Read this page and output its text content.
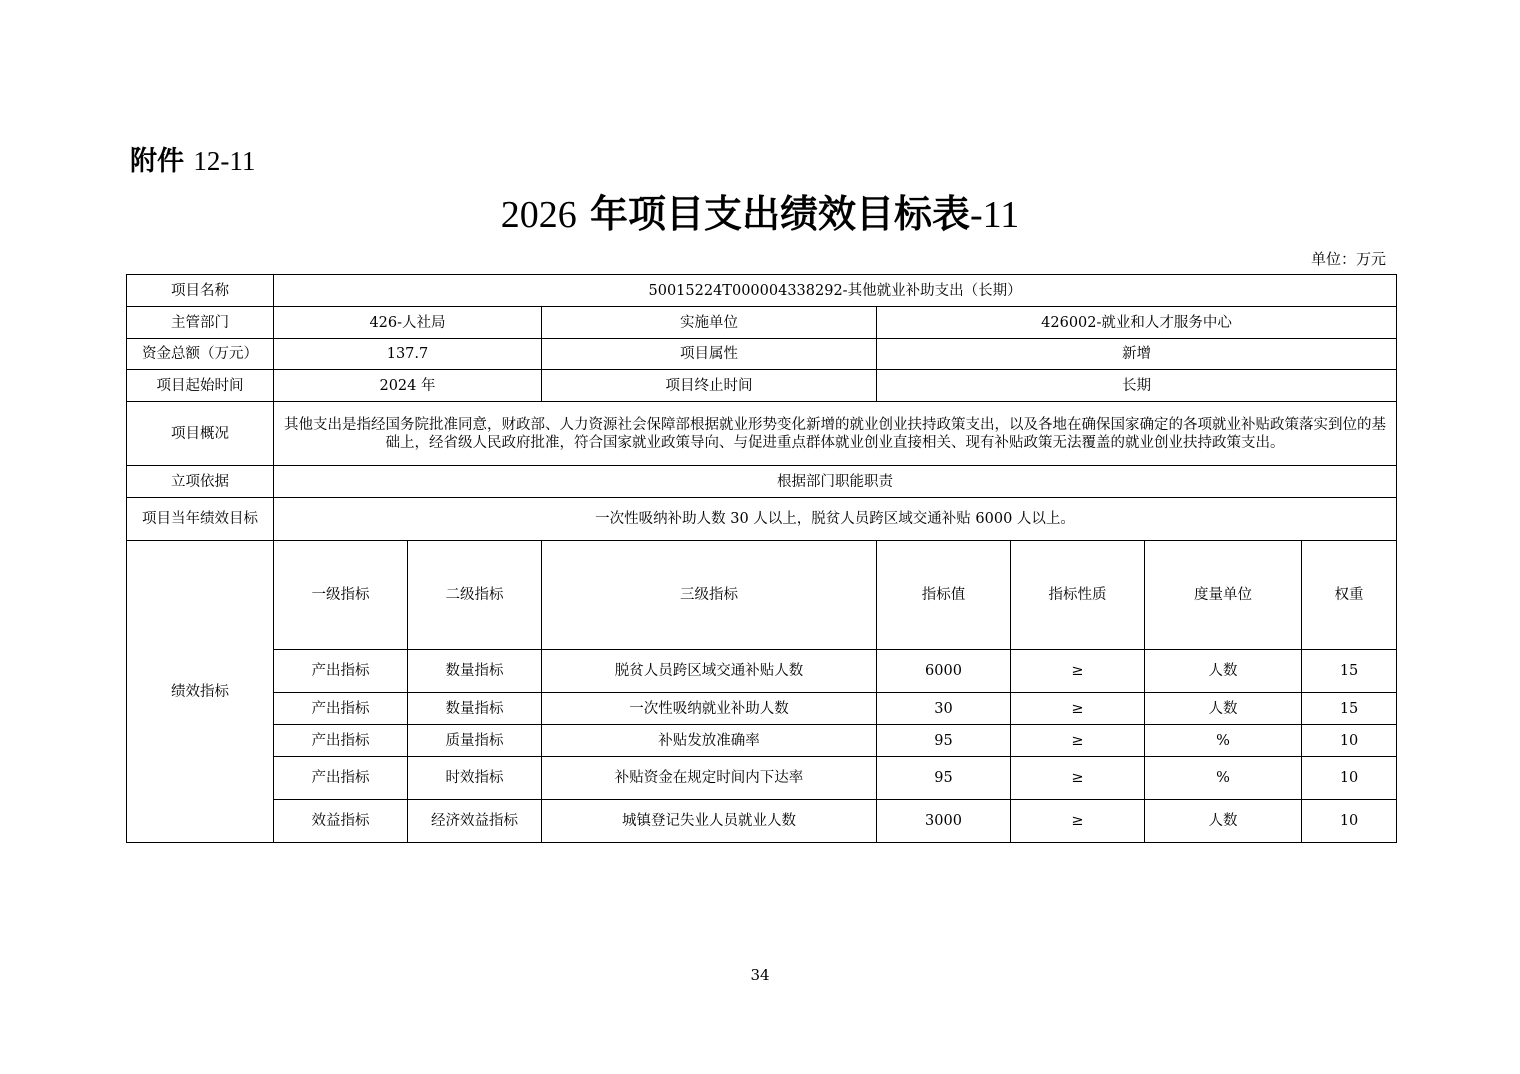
附件 12-11
2026 年项目支出绩效目标表-11
单位：万元
项目名称	50015224T000004338292-其他就业补助支出（长期）							
主管部门	426-人社局		实施单位	426002-就业和人才服务中心				
资金总额（万元）	137.7		项目属性	新增				
项目起始时间	2024 年		项目终止时间	长期				
项目概况	其他支出是指经国务院批准同意，财政部、人力资源社会保障部根据就业形势变化新增的就业创业扶持政策支出，以及各地在确保国家确定的各项就业补贴政策落实到位的基础上，经省级人民政府批准，符合国家就业政策导向、与促进重点群体就业创业直接相关、现有补贴政策无法覆盖的就业创业扶持政策支出。							
立项依据	根据部门职能职责							
项目当年绩效目标	一次性吸纳补助人数 30 人以上，脱贫人员跨区域交通补贴 6000 人以上。							
绩效指标	一级指标	二级指标	三级指标	指标值	指标性质	度量单位	权重	
	产出指标	数量指标	脱贫人员跨区域交通补贴人数	6000	≥	人数	15	
	产出指标	数量指标	一次性吸纳就业补助人数	30	≥	人数	15	
	产出指标	质量指标	补贴发放准确率	95	≥	%	10	
	产出指标	时效指标	补贴资金在规定时间内下达率	95	≥	%	10	
	效益指标	经济效益指标	城镇登记失业人员就业人数	3000	≥	人数	10	
34
